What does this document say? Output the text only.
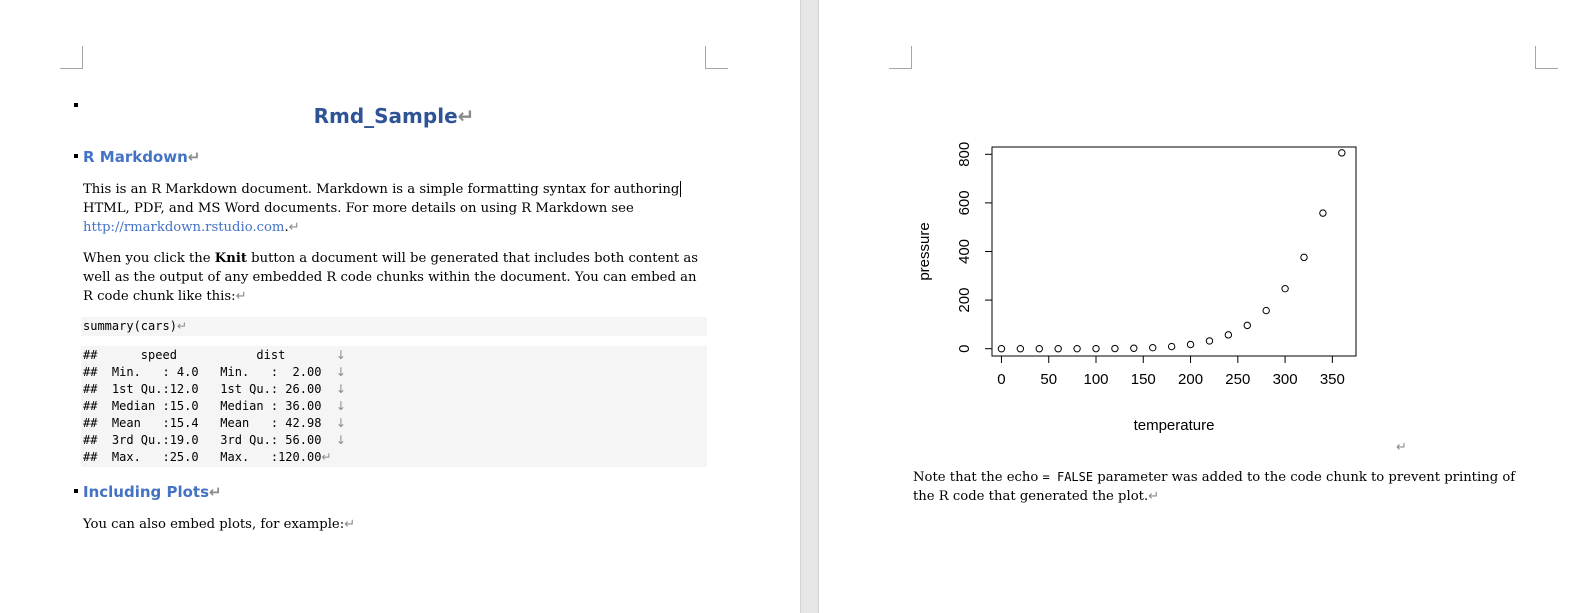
Rmd_Sample↵
R Markdown↵
This is an R Markdown document. Markdown is a simple formatting syntax for authoring
HTML, PDF, and MS Word documents. For more details on using R Markdown see
http://rmarkdown.rstudio.com.↵
When you click the Knit button a document will be generated that includes both content as
well as the output of any embedded R code chunks within the document. You can embed an
R code chunk like this:↵
summary(cars)↵
##      speed           dist       ↓
##  Min.   : 4.0   Min.   :  2.00  ↓
##  1st Qu.:12.0   1st Qu.: 26.00  ↓
##  Median :15.0   Median : 36.00  ↓
##  Mean   :15.4   Mean   : 42.98  ↓
##  3rd Qu.:19.0   3rd Qu.: 56.00  ↓
##  Max.   :25.0   Max.   :120.00↵
Including Plots↵
You can also embed plots, for example:↵
0 50 100 150 200 250 300 350
0
200
400
600
800
temperature
pressure
↵
Note that the echo = FALSE parameter was added to the code chunk to prevent printing of
the R code that generated the plot.↵
